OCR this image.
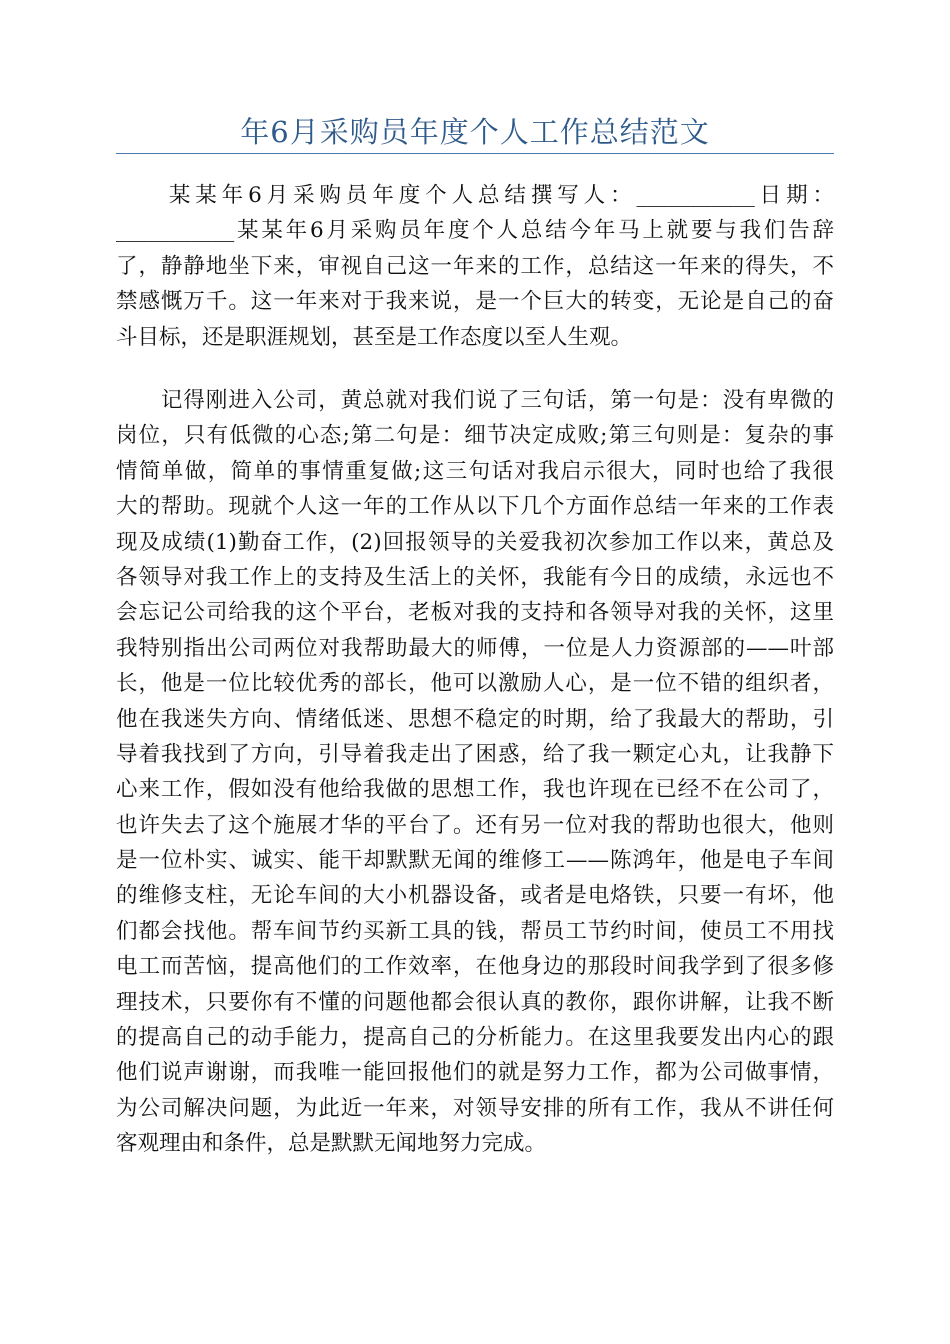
年6月采购员年度个人工作总结范文
　　某某年6月采购员年度个人总结撰写人：___________日期：
___________某某年6月采购员年度个人总结今年马上就要与我们告辞
了，静静地坐下来，审视自己这一年来的工作，总结这一年来的得失，不
禁感慨万千。这一年来对于我来说，是一个巨大的转变，无论是自己的奋
斗目标，还是职涯规划，甚至是工作态度以至人生观。
　　记得刚进入公司，黄总就对我们说了三句话，第一句是：没有卑微的
岗位，只有低微的心态;第二句是：细节决定成败;第三句则是：复杂的事
情简单做，简单的事情重复做;这三句话对我启示很大，同时也给了我很
大的帮助。现就个人这一年的工作从以下几个方面作总结一年来的工作表
现及成绩(1)勤奋工作，(2)回报领导的关爱我初次参加工作以来，黄总及
各领导对我工作上的支持及生活上的关怀，我能有今日的成绩，永远也不
会忘记公司给我的这个平台，老板对我的支持和各领导对我的关怀，这里
我特别指出公司两位对我帮助最大的师傅，一位是人力资源部的——叶部
长，他是一位比较优秀的部长，他可以激励人心，是一位不错的组织者，
他在我迷失方向、情绪低迷、思想不稳定的时期，给了我最大的帮助，引
导着我找到了方向，引导着我走出了困惑，给了我一颗定心丸，让我静下
心来工作，假如没有他给我做的思想工作，我也许现在已经不在公司了，
也许失去了这个施展才华的平台了。还有另一位对我的帮助也很大，他则
是一位朴实、诚实、能干却默默无闻的维修工——陈鸿年，他是电子车间
的维修支柱，无论车间的大小机器设备，或者是电烙铁，只要一有坏，他
们都会找他。帮车间节约买新工具的钱，帮员工节约时间，使员工不用找
电工而苦恼，提高他们的工作效率，在他身边的那段时间我学到了很多修
理技术，只要你有不懂的问题他都会很认真的教你，跟你讲解，让我不断
的提高自己的动手能力，提高自己的分析能力。在这里我要发出内心的跟
他们说声谢谢，而我唯一能回报他们的就是努力工作，都为公司做事情，
为公司解决问题，为此近一年来，对领导安排的所有工作，我从不讲任何
客观理由和条件，总是默默无闻地努力完成。
